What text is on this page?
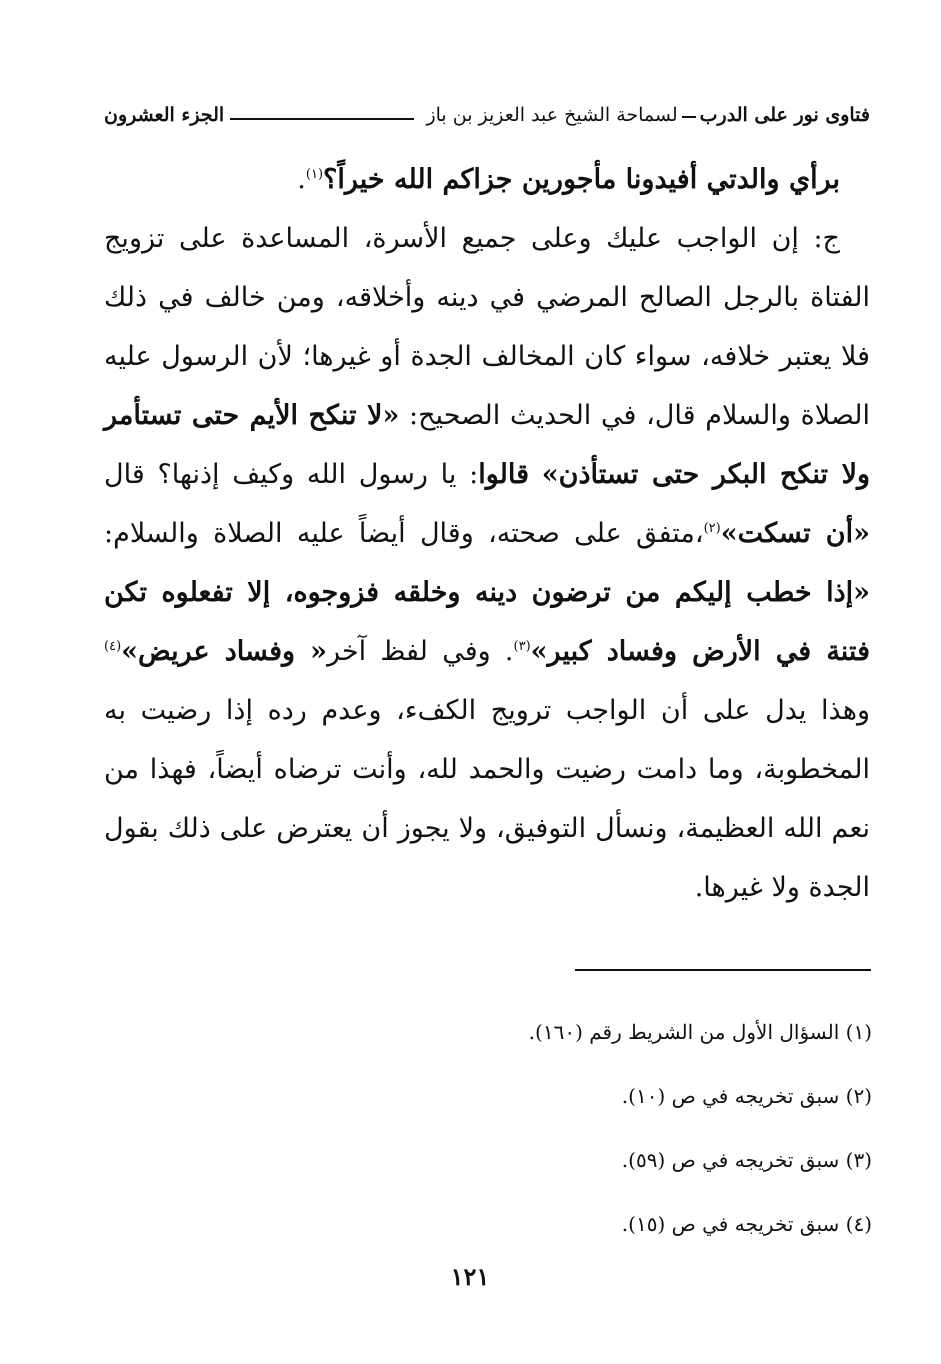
فتاوى نور على الدرب
لسماحة الشيخ عبد العزيز بن باز
الجزء العشرون

برأي والدتي أفيدونا مأجورين جزاكم الله خيراً؟$^{(١)}$.

ج: إن الواجب عليك وعلى جميع الأسرة، المساعدة على تزويج الفتاة بالرجل الصالح المرضي في دينه وأخلاقه، ومن خالف في ذلك فلا يعتبر خلافه، سواء كان المخالف الجدة أو غيرها؛ لأن الرسول عليه الصلاة والسلام قال، في الحديث الصحيح: «لا تنكح الأيم حتى تستأمر ولا تنكح البكر حتى تستأذن» قالوا: يا رسول الله وكيف إذنها؟ قال «أن تسكت»$^{(٢)}$،متفق على صحته، وقال أيضاً عليه الصلاة والسلام: «إذا خطب إليكم من ترضون دينه وخلقه فزوجوه، إلا تفعلوه تكن فتنة في الأرض وفساد كبير»$^{(٣)}$. وفي لفظ آخر« وفساد عريض»$^{(٤)}$ وهذا يدل على أن الواجب ترويج الكفء، وعدم رده إذا رضيت به المخطوبة، وما دامت رضيت والحمد لله، وأنت ترضاه أيضاً، فهذا من نعم الله العظيمة، ونسأل التوفيق، ولا يجوز أن يعترض على ذلك بقول الجدة ولا غيرها.

(١) السؤال الأول من الشريط رقم (١٦٠).
(٢) سبق تخريجه في ص (١٠).
(٣) سبق تخريجه في ص (٥٩).
(٤) سبق تخريجه في ص (١٥).
١٢١
